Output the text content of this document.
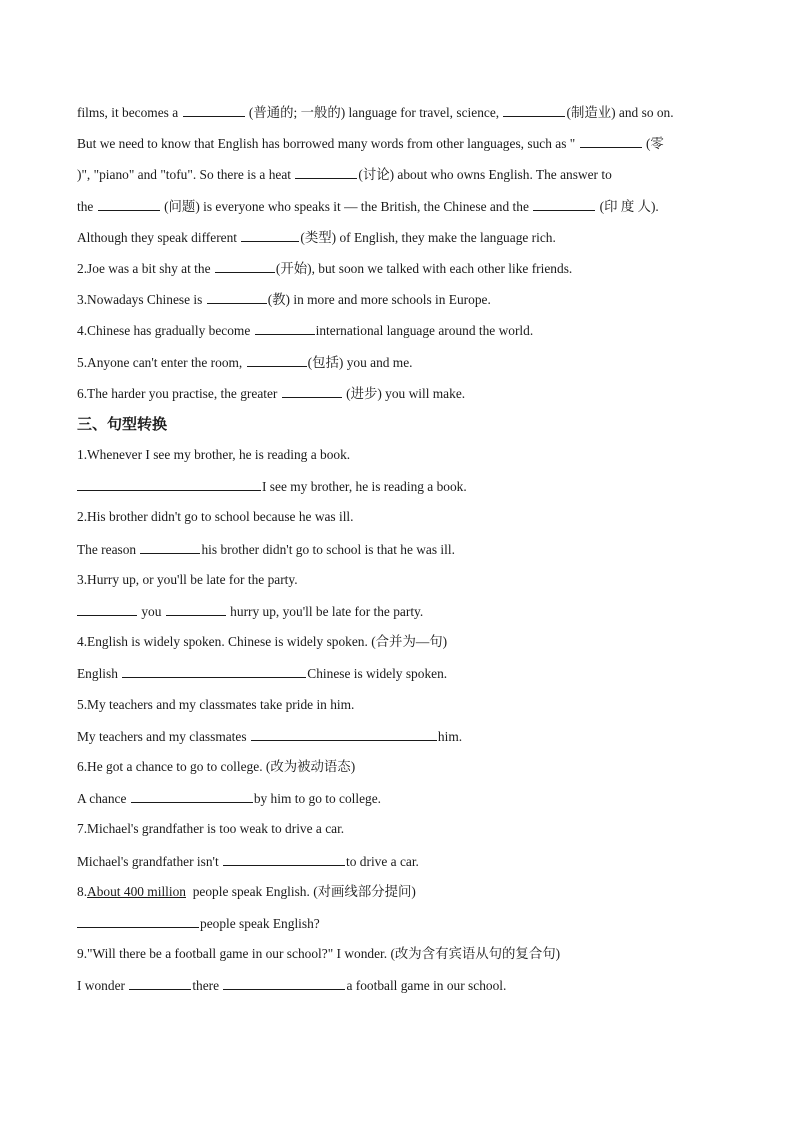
films, it becomes a	(普通的; 一般的) language for travel, science,	(制造业) and so on.
But we need to know that English has borrowed many words from other languages, such as "	(零
)", "piano" and "tofu". So there is a heat	(讨论) about who owns English. The answer to
the	(问题) is everyone who speaks it — the British, the Chinese and the	(印 度 人).
Although they speak different	(类型) of English, they make the language rich.
2.Joe was a bit shy at the	(开始), but soon we talked with each other like friends.
3.Nowadays Chinese is	(教) in more and more schools in Europe.
4.Chinese has gradually become	international language around the world.
5.Anyone can't enter the room,	(包括) you and me.
6.The harder you practise, the greater	(进步) you will make.
三、句型转换
1.Whenever I see my brother, he is reading a book.
I see my brother, he is reading a book.
2.His brother didn't go to school because he was ill.
The reason	his brother didn't go to school is that he was ill.
3.Hurry up, or you'll be late for the party.
you	hurry up, you'll be late for the party.
4.English is widely spoken. Chinese is widely spoken. (合并为—句)
English	Chinese is widely spoken.
5.My teachers and my classmates take pride in him.
My teachers and my classmates	him.
6.He got a chance to go to college. (改为被动语态)
A chance	by him to go to college.
7.Michael's grandfather is too weak to drive a car.
Michael's grandfather isn't	to drive a car.
8.About 400 million people speak English. (对画线部分提问)
people speak English?
9."Will there be a football game in our school?" I wonder. (改为含有宾语从句的复合句)
I wonder	there	a football game in our school.
